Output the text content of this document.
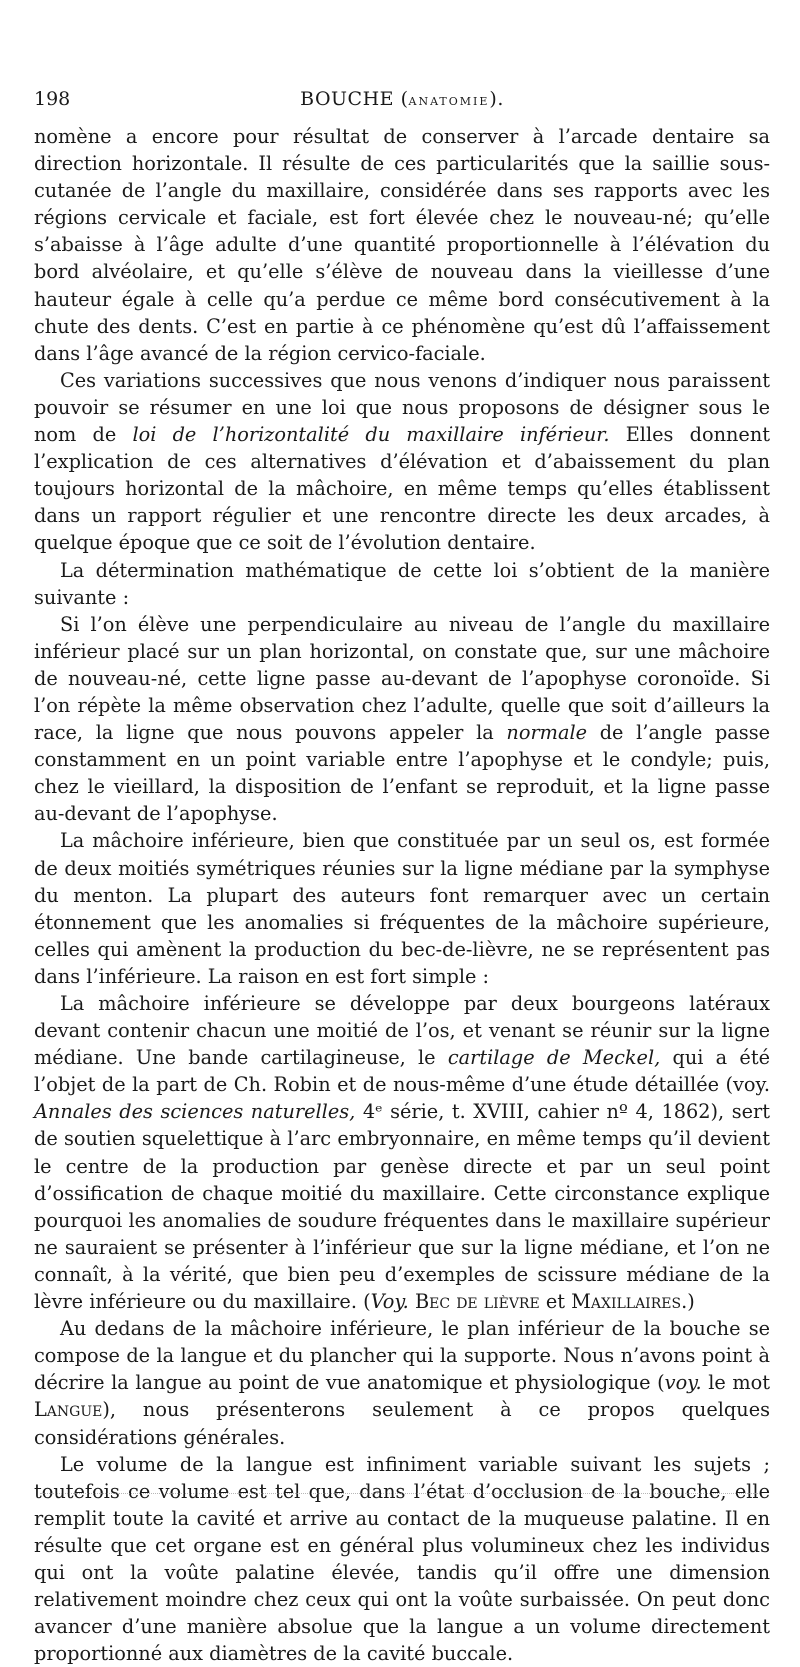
198	BOUCHE (anatomie).

nomène a encore pour résultat de conserver à l’arcade dentaire sa direction horizontale. Il résulte de ces particularités que la saillie sous-cutanée de l’angle du maxillaire, considérée dans ses rapports avec les régions cervicale et faciale, est fort élevée chez le nouveau-né; qu’elle s’abaisse à l’âge adulte d’une quantité proportionnelle à l’élévation du bord alvéolaire, et qu’elle s’élève de nouveau dans la vieillesse d’une hauteur égale à celle qu’a perdue ce même bord consécutivement à la chute des dents. C’est en partie à ce phénomène qu’est dû l’affaissement dans l’âge avancé de la région cervico-faciale.

Ces variations successives que nous venons d’indiquer nous paraissent pouvoir se résumer en une loi que nous proposons de désigner sous le nom de loi de l’horizontalité du maxillaire inférieur. Elles donnent l’explication de ces alternatives d’élévation et d’abaissement du plan toujours horizontal de la mâchoire, en même temps qu’elles établissent dans un rapport régulier et une rencontre directe les deux arcades, à quelque époque que ce soit de l’évolution dentaire.

La détermination mathématique de cette loi s’obtient de la manière suivante :

Si l’on élève une perpendiculaire au niveau de l’angle du maxillaire inférieur placé sur un plan horizontal, on constate que, sur une mâchoire de nouveau-né, cette ligne passe au-devant de l’apophyse coronoïde. Si l’on répète la même observation chez l’adulte, quelle que soit d’ailleurs la race, la ligne que nous pouvons appeler la normale de l’angle passe constamment en un point variable entre l’apophyse et le condyle; puis, chez le vieillard, la disposition de l’enfant se reproduit, et la ligne passe au-devant de l’apophyse.

La mâchoire inférieure, bien que constituée par un seul os, est formée de deux moitiés symétriques réunies sur la ligne médiane par la symphyse du menton. La plupart des auteurs font remarquer avec un certain étonnement que les anomalies si fréquentes de la mâchoire supérieure, celles qui amènent la production du bec-de-lièvre, ne se représentent pas dans l’inférieure. La raison en est fort simple :

La mâchoire inférieure se développe par deux bourgeons latéraux devant contenir chacun une moitié de l’os, et venant se réunir sur la ligne médiane. Une bande cartilagineuse, le cartilage de Meckel, qui a été l’objet de la part de Ch. Robin et de nous-même d’une étude détaillée (voy. Annales des sciences naturelles, 4ᵉ série, t. XVIII, cahier nº 4, 1862), sert de soutien squelettique à l’arc embryonnaire, en même temps qu’il devient le centre de la production par genèse directe et par un seul point d’ossification de chaque moitié du maxillaire. Cette circonstance explique pourquoi les anomalies de soudure fréquentes dans le maxillaire supérieur ne sauraient se présenter à l’inférieur que sur la ligne médiane, et l’on ne connaît, à la vérité, que bien peu d’exemples de scissure médiane de la lèvre inférieure ou du maxillaire. (Voy. Bec de lièvre et Maxillaires.)

Au dedans de la mâchoire inférieure, le plan inférieur de la bouche se compose de la langue et du plancher qui la supporte. Nous n’avons point à décrire la langue au point de vue anatomique et physiologique (voy. le mot Langue), nous présenterons seulement à ce propos quelques considérations générales.

Le volume de la langue est infiniment variable suivant les sujets ; toutefois ce volume est tel que, dans l’état d’occlusion de la bouche, elle remplit toute la cavité et arrive au contact de la muqueuse palatine. Il en résulte que cet organe est en général plus volumineux chez les individus qui ont la voûte palatine élevée, tandis qu’il offre une dimension relativement moindre chez ceux qui ont la voûte surbaissée. On peut donc avancer d’une manière absolue que la langue a un volume directement proportionné aux diamètres de la cavité buccale.
